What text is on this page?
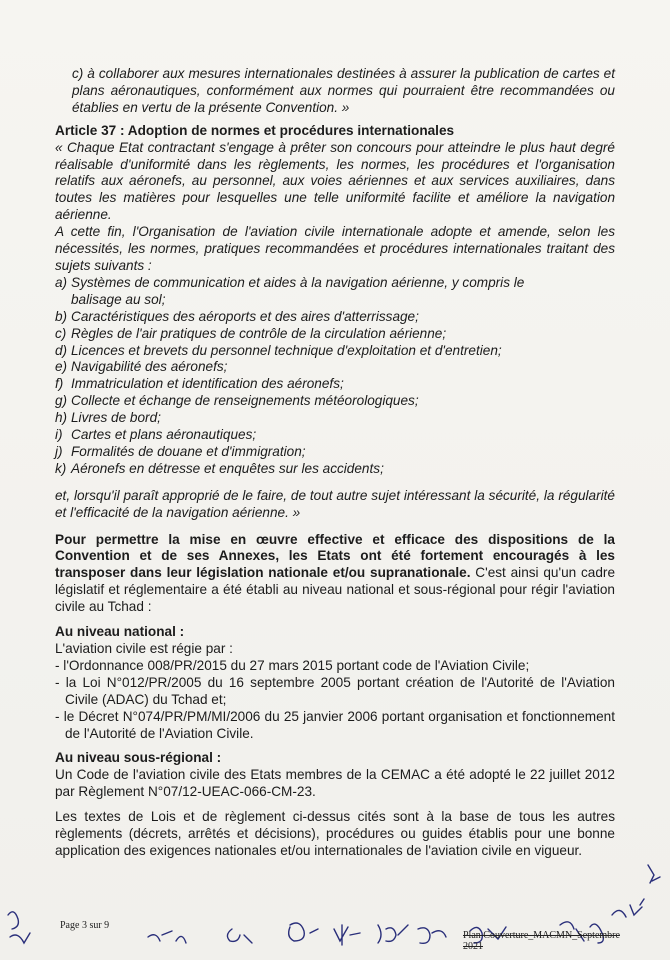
c) à collaborer aux mesures internationales destinées à assurer la publication de cartes et plans aéronautiques, conformément aux normes qui pourraient être recommandées ou établies en vertu de la présente Convention. »

Article 37 : Adoption de normes et procédures internationales

« Chaque Etat contractant s'engage à prêter son concours pour atteindre le plus haut degré réalisable d'uniformité dans les règlements, les normes, les procédures et l'organisation relatifs aux aéronefs, au personnel, aux voies aériennes et aux services auxiliaires, dans toutes les matières pour lesquelles une telle uniformité facilite et améliore la navigation aérienne.

A cette fin, l'Organisation de l'aviation civile internationale adopte et amende, selon les nécessités, les normes, pratiques recommandées et procédures internationales traitant des sujets suivants :

a) Systèmes de communication et aides à la navigation aérienne, y compris le
balisage au sol;
b) Caractéristiques des aéroports et des aires d'atterrissage;
c) Règles de l'air pratiques de contrôle de la circulation aérienne;
d) Licences et brevets du personnel technique d'exploitation et d'entretien;
e) Navigabilité des aéronefs;
f) Immatriculation et identification des aéronefs;
g) Collecte et échange de renseignements météorologiques;
h) Livres de bord;
i) Cartes et plans aéronautiques;
j) Formalités de douane et d'immigration;
k) Aéronefs en détresse et enquêtes sur les accidents;

et, lorsqu'il paraît approprié de le faire, de tout autre sujet intéressant la sécurité, la régularité et l'efficacité de la navigation aérienne. »

Pour permettre la mise en œuvre effective et efficace des dispositions de la Convention et de ses Annexes, les Etats ont été fortement encouragés à les transposer dans leur législation nationale et/ou supranationale. C'est ainsi qu'un cadre législatif et réglementaire a été établi au niveau national et sous-régional pour régir l'aviation civile au Tchad :

Au niveau national :

L'aviation civile est régie par :

- l'Ordonnance 008/PR/2015 du 27 mars 2015 portant code de l'Aviation Civile;
- la Loi N°012/PR/2005 du 16 septembre 2005 portant création de l'Autorité de l'Aviation Civile (ADAC) du Tchad et;
- le Décret N°074/PR/PM/MI/2006 du 25 janvier 2006 portant organisation et fonctionnement de l'Autorité de l'Aviation Civile.

Au niveau sous-régional :

Un Code de l'aviation civile des Etats membres de la CEMAC a été adopté le 22 juillet 2012 par Règlement N°07/12-UEAC-066-CM-23.

Les textes de Lois et de règlement ci-dessus cités sont à la base de tous les autres règlements (décrets, arrêtés et décisions), procédures ou guides établis pour une bonne application des exigences nationales et/ou internationales de l'aviation civile en vigueur.

Page 3 sur 9
Plan Couverture_MACMN_Septembre 2021
